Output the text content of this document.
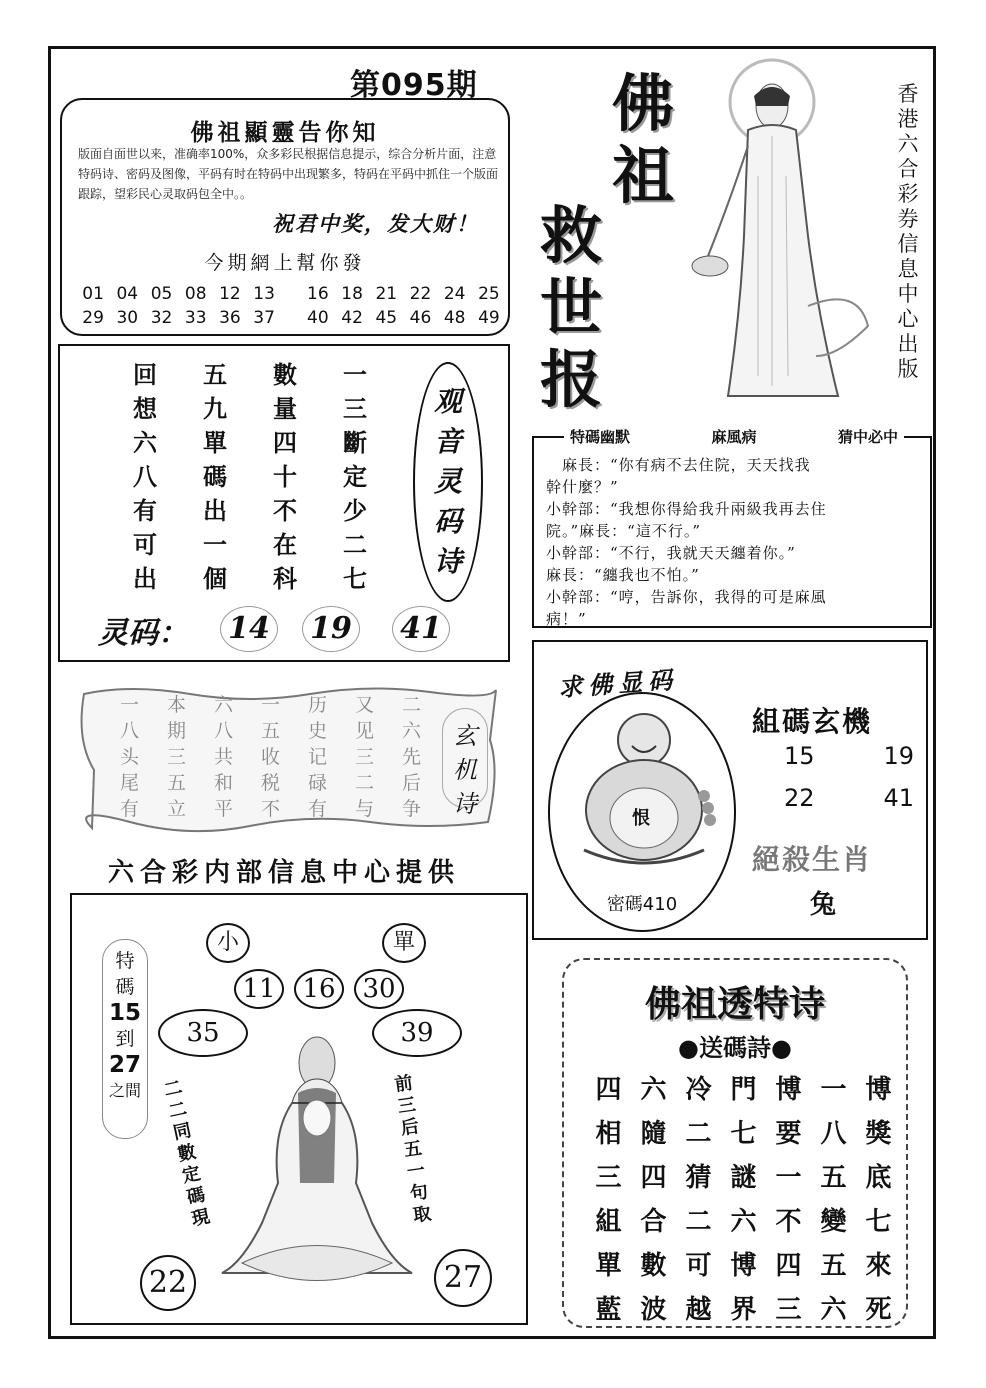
第095期
佛祖顯靈告你知
版面自面世以来，准确率100%，众多彩民根据信息提示，综合分析片面，注意特码诗、密码及图像，平码有时在特码中出现繁多，特码在平码中抓住一个版面跟踪，望彩民心灵取码包全中。。
祝君中奖，发大财！
今期網上幫你發
01 04 05 08 12 13	16 18 21 22 24 25
29 30 32 33 36 37	40 42 45 46 48 49
回	五	數	一
想	九	量	三
六	單	四	斷
八	碼	十	定
有	出	不	少
可	一	在	二
出	個	科	七
观
音
灵
码
诗
灵码： 14 19 41
一	本	六	一	历	又	二
八	期	八	五	史	见	六
头	三	共	收	记	三	先
尾	五	和	税	碌	二	后
有	立	平	不	有	与	争
玄
机
诗
六合彩内部信息中心提供
特
碼
15
到
27
之間
小	單
11	16	30
35	39
二
二
同
數
定
碼
現
前
三
后
五
一
句
取
22	27
佛
祖
救
世
报
香
港
六
合
彩
券
信
息
中
心
出
版
特碼幽默	麻風病	猜中必中
　麻長：“你有病不去住院，天天找我
幹什麼？”
小幹部：“我想你得給我升兩級我再去住
院。”麻長：“這不行。”
小幹部：“不行，我就天天纏着你。”
麻長：“纏我也不怕。”
小幹部：“哼，告訴你，我得的可是麻風
病！”
求佛显码
恨
密碼410
組碼玄機
15	19
22	41
絕殺生肖
兔
佛祖透特诗
●送碼詩●
四 六 冷 門 博 一 博
相 隨 二 七 要 八 獎
三 四 猜 謎 一 五 底
組 合 二 六 不 變 七
單 數 可 博 四 五 來
藍 波 越 界 三 六 死
